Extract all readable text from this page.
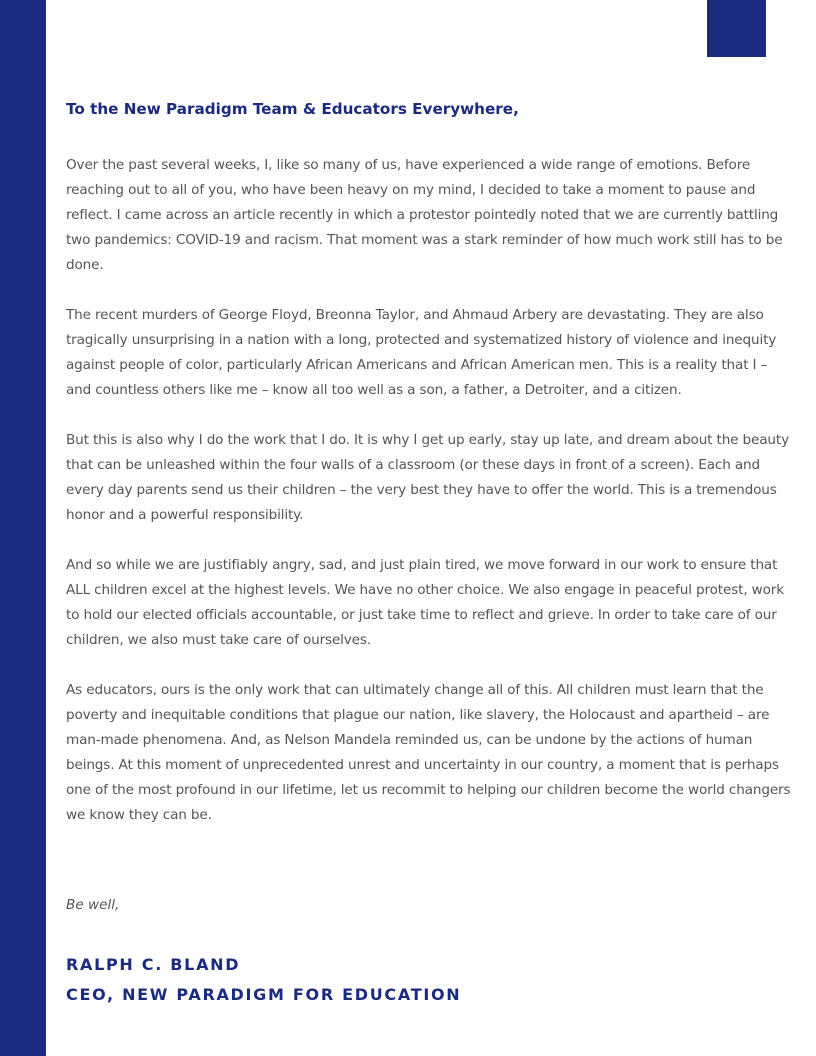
To the New Paradigm Team & Educators Everywhere,

Over the past several weeks, I, like so many of us, have experienced a wide range of emotions. Before reaching out to all of you, who have been heavy on my mind, I decided to take a moment to pause and reflect. I came across an article recently in which a protestor pointedly noted that we are currently battling two pandemics: COVID-19 and racism. That moment was a stark reminder of how much work still has to be done.

The recent murders of George Floyd, Breonna Taylor, and Ahmaud Arbery are devastating. They are also tragically unsurprising in a nation with a long, protected and systematized history of violence and inequity against people of color, particularly African Americans and African American men. This is a reality that I – and countless others like me – know all too well as a son, a father, a Detroiter, and a citizen.

But this is also why I do the work that I do. It is why I get up early, stay up late, and dream about the beauty that can be unleashed within the four walls of a classroom (or these days in front of a screen). Each and every day parents send us their children – the very best they have to offer the world. This is a tremendous honor and a powerful responsibility.

And so while we are justifiably angry, sad, and just plain tired, we move forward in our work to ensure that ALL children excel at the highest levels. We have no other choice. We also engage in peaceful protest, work to hold our elected officials accountable, or just take time to reflect and grieve. In order to take care of our children, we also must take care of ourselves.

As educators, ours is the only work that can ultimately change all of this. All children must learn that the poverty and inequitable conditions that plague our nation, like slavery, the Holocaust and apartheid – are man-made phenomena. And, as Nelson Mandela reminded us, can be undone by the actions of human beings. At this moment of unprecedented unrest and uncertainty in our country, a moment that is perhaps one of the most profound in our lifetime, let us recommit to helping our children become the world changers we know they can be.

Be well,

RALPH C. BLAND

CEO, NEW PARADIGM FOR EDUCATION
